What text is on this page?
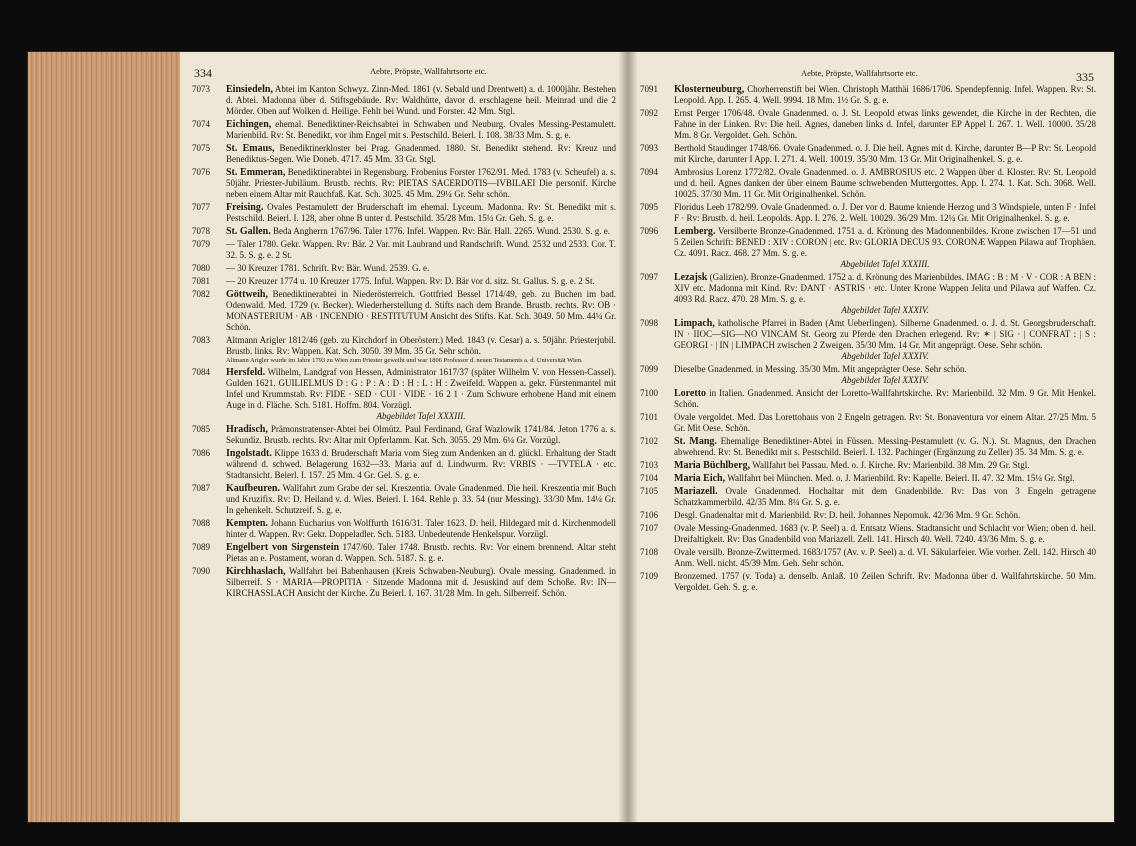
334	Aebte, Pröpste, Wallfahrtsorte etc.
7073	Einsiedeln, Abtei im Kanton Schwyz. Zinn-Med. 1861 (v. Sebald und Drentwett) a. d. 1000jähr. Bestehen d. Abtei. Madonna über d. Stiftsgebäude. Rv: Waldhütte, davor d. erschlagene heil. Meinrad und die 2 Mörder. Oben auf Wolken d. Heilige. Fehlt bei Wund. und Forster. 42 Mm. Stgl.
7074	Eichingen, ehemal. Benediktiner-Reichsabtei in Schwaben und Neuburg. Ovales Messing-Pestamulett. Marienbild. Rv: St. Benedikt, vor ihm Engel mit s. Pestschild. Beierl. I. 108. 38/33 Mm. S. g. e.
7075	St. Emaus, Benediktinerkloster bei Prag. Gnadenmed. 1880. St. Benedikt stehend. Rv: Kreuz und Benediktus-Segen. Wie Doneb. 4717. 45 Mm. 33 Gr. Stgl.
7076	St. Emmeran, Benediktinerabtei in Regensburg. Frobenius Forster 1762/91. Med. 1783 (v. Scheufel) a. s. 50jähr. Priester-Jubiläum. Brustb. rechts. Rv: PIETAS SACERDOTIS—IVBILAEI Die personif. Kirche neben einem Altar mit Rauchfaß. Kat. Sch. 3025. 45 Mm. 29¼ Gr. Sehr schön.
7077	Freising. Ovales Pestamulett der Bruderschaft im ehemal. Lyceum. Madonna. Rv: St. Benedikt mit s. Pestschild. Beierl. I. 128, aber ohne B unter d. Pestschild. 35/28 Mm. 15¼ Gr. Geh. S. g. e.
7078	St. Gallen. Beda Angherrn 1767/96. Taler 1776. Infel. Wappen. Rv: Bär. Hall. 2265. Wund. 2530. S. g. e.
7079	— Taler 1780. Gekr. Wappen. Rv: Bär. 2 Var. mit Laubrand und Randschrift. Wund. 2532 und 2533. Cor. T. 32. 5. S. g. e. 2 St.
7080	— 30 Kreuzer 1781. Schrift. Rv: Bär. Wund. 2539. G. e.
7081	— 20 Kreuzer 1774 u. 10 Kreuzer 1775. Inful. Wappen. Rv: D. Bär vor d. sitz. St. Gallus. S. g. e. 2 St.
7082	Göttweih, Benediktinerabtei in Niederösterreich. Gottfried Bessel 1714/49, geb. zu Buchen im bad. Odenwald. Med. 1729 (v. Becker). Wiederherstellung d. Stifts nach dem Brande. Brustb. rechts. Rv: OB · MONASTERIUM · AB · INCENDIO · RESTITUTUM Ansicht des Stifts. Kat. Sch. 3049. 50 Mm. 44¼ Gr. Schön.
7083	Altmann Arigler 1812/46 (geb. zu Kirchdorf in Oberösterr.) Med. 1843 (v. Cesar) a. s. 50jähr. Priesterjubil. Brustb. links. Rv: Wappen. Kat. Sch. 3050. 39 Mm. 35 Gr. Sehr schön.
Altmann Arigler wurde im Jahre 1793 zu Wien zum Priester geweiht und war 1806 Professor d. neuen Testaments a. d. Universität Wien.
7084	Hersfeld. Wilhelm, Landgraf von Hessen, Administrator 1617/37 (später Wilhelm V. von Hessen-Cassel). Gulden 1621. GUILIELMUS D : G : P : A : D : H : L : H : Zweifeld. Wappen a. gekr. Fürstenmantel mit Infel und Krummstab. Rv: FIDE · SED · CUI · VIDE · 16 2 1 · Zum Schwure erhobene Hand mit einem Auge in d. Fläche. Sch. 5181. Hoffm. 804. Vorzügl.
Abgebildet Tafel XXXIII.
7085	Hradisch, Prämonstratenser-Abtei bei Olmütz. Paul Ferdinand, Graf Wazlowik 1741/84. Jeton 1776 a. s. Sekundiz. Brustb. rechts. Rv: Altar mit Opferlamm. Kat. Sch. 3055. 29 Mm. 6¼ Gr. Vorzügl.
7086	Ingolstadt. Klippe 1633 d. Bruderschaft Maria vom Sieg zum Andenken an d. glückl. Erhaltung der Stadt während d. schwed. Belagerung 1632—33. Maria auf d. Lindwurm. Rv: VRBIS · —TVTELA · etc. Stadtansicht. Beierl. I. 157. 25 Mm. 4 Gr. Gel. S. g. e.
7087	Kaufbeuren. Wallfahrt zum Grabe der sel. Kreszentia. Ovale Gnadenmed. Die heil. Kreszentia mit Buch und Kruzifix. Rv: D. Heiland v. d. Wies. Beierl. I. 164. Rehle p. 33. 54 (nur Messing). 33/30 Mm. 14¼ Gr. In gehenkelt. Schutzreif. S. g. e.
7088	Kempten. Johann Eucharius von Wolffurth 1616/31. Taler 1623. D. heil. Hildegard mit d. Kirchenmodell hinter d. Wappen. Rv: Gekr. Doppeladler. Sch. 5183. Unbedeutende Henkelspur. Vorzügl.
7089	Engelbert von Sirgenstein 1747/60. Taler 1748. Brustb. rechts. Rv: Vor einem brennend. Altar steht Pietas an e. Postament, woran d. Wappen. Sch. 5187. S. g. e.
7090	Kirchhaslach, Wallfahrt bei Babenhausen (Kreis Schwaben-Neuburg). Ovale messing. Gnadenmed. in Silberreif. S · MARIA—PROPITIA · Sitzende Madonna mit d. Jesuskind auf dem Schoße. Rv: IN—KIRCHASSLACH Ansicht der Kirche. Zu Beierl. I. 167. 31/28 Mm. In geh. Silberreif. Schön.
Aebte, Pröpste, Wallfahrtsorte etc.	335
7091	Klosterneuburg, Chorherrenstift bei Wien. Christoph Matthäi 1686/1706. Spendepfennig. Infel. Wappen. Rv: St. Leopold. App. I. 265. 4. Well. 9994. 18 Mm. 1½ Gr. S. g. e.
7092	Ernst Perger 1706/48. Ovale Gnadenmed. o. J. St. Leopold etwas links gewendet, die Kirche in der Rechten, die Fahne in der Linken. Rv: Die heil. Agnes, daneben links d. Infel, darunter EP Appel I. 267. 1. Well. 10000. 35/28 Mm. 8 Gr. Vergoldet. Geh. Schön.
7093	Berthold Staudinger 1748/66. Ovale Gnadenmed. o. J. Die heil. Agnes mit d. Kirche, darunter B—P Rv: St. Leopold mit Kirche, darunter I App. I. 271. 4. Well. 10019. 35/30 Mm. 13 Gr. Mit Originalhenkel. S. g. e.
7094	Ambrosius Lorenz 1772/82. Ovale Gnadenmed. o. J. AMBROSIUS etc. 2 Wappen über d. Kloster. Rv: St. Leopold und d. heil. Agnes danken der über einem Baume schwebenden Muttergottes. App. I. 274. 1. Kat. Sch. 3068. Well. 10025. 37/30 Mm. 11 Gr. Mit Originalhenkel. Schön.
7095	Floridus Leeb 1782/99. Ovale Gnadenmed. o. J. Der vor d. Baume kniende Herzog und 3 Windspiele, unten F · Infel F · Rv: Brustb. d. heil. Leopolds. App. I. 276. 2. Well. 10029. 36/29 Mm. 12¼ Gr. Mit Originalhenkel. S. g. e.
7096	Lemberg. Versilberte Bronze-Gnadenmed. 1751 a. d. Krönung des Madonnenbildes. Krone zwischen 17—51 und 5 Zeilen Schrift: BENED : XIV : CORON | etc. Rv: GLORIA DECUS 93. CORONÆ Wappen Pilawa auf Trophäen. Cz. 4091. Racz. 468. 27 Mm. S. g. e.
Abgebildet Tafel XXXIII.
7097	Lezajsk (Galizien). Bronze-Gnadenmed. 1752 a. d. Krönung des Marienbildes. IMAG : B : M · V · COR : A BEN : XIV etc. Madonna mit Kind. Rv: DANT · ASTRIS · etc. Unter Krone Wappen Jelita und Pilawa auf Waffen. Cz. 4093 Rd. Racz. 470. 28 Mm. S. g. e.
Abgebildet Tafel XXXIV.
7098	Limpach, katholische Pfarrei in Baden (Amt Ueberlingen). Silberne Gnadenmed. o. J. d. St. Georgsbruderschaft. IN · IIOC—SIG—NO VINCAM St. Georg zu Pferde den Drachen erlegend. Rv: ✶ | SIG · | CONFRAT : | S : GEORGI · | IN | LIMPACH zwischen 2 Zweigen. 35/30 Mm. 14 Gr. Mit angeprägt. Oese. Sehr schön.
Abgebildet Tafel XXXIV.
7099	Dieselbe Gnadenmed. in Messing. 35/30 Mm. Mit angeprägter Oese. Sehr schön.
Abgebildet Tafel XXXIV.
7100	Loretto in Italien. Gnadenmed. Ansicht der Loretto-Wallfahrtskirche. Rv: Marienbild. 32 Mm. 9 Gr. Mit Henkel. Schön.
7101	Ovale vergoldet. Med. Das Lorettohaus von 2 Engeln getragen. Rv: St. Bonaventura vor einem Altar. 27/25 Mm. 5 Gr. Mit Oese. Schön.
7102	St. Mang. Ehemalige Benediktiner-Abtei in Füssen. Messing-Pestamulett (v. G. N.). St. Magnus, den Drachen abwehrend. Rv: St. Benedikt mit s. Pestschild. Beierl. I. 132. Pachinger (Ergänzung zu Zeller) 35. 34 Mm. S. g. e.
7103	Maria Büchlberg, Wallfahrt bei Passau. Med. o. J. Kirche. Rv: Marienbild. 38 Mm. 29 Gr. Stgl.
7104	Maria Eich, Wallfahrt bei München. Med. o. J. Marienbild. Rv: Kapelle. Beierl. II. 47. 32 Mm. 15¼ Gr. Stgl.
7105	Mariazell. Ovale Gnadenmed. Hochaltar mit dem Gnadenbilde. Rv: Das von 3 Engeln getragene Schatzkammerbild. 42/35 Mm. 8¼ Gr. S. g. e.
7106	Desgl. Gnadenaltar mit d. Marienbild. Rv: D. heil. Johannes Nepomuk. 42/36 Mm. 9 Gr. Schön.
7107	Ovale Messing-Gnadenmed. 1683 (v. P. Seel) a. d. Entsatz Wiens. Stadtansicht und Schlacht vor Wien; oben d. heil. Dreifaltigkeit. Rv: Das Gnadenbild von Mariazell. Zell. 141. Hirsch 40. Well. 7240. 43/36 Mm. S. g. e.
7108	Ovale versilb. Bronze-Zwittermed. 1683/1757 (Av. v. P. Seel) a. d. VI. Säkularfeier. Wie vorher. Zell. 142. Hirsch 40 Anm. Well. nicht. 45/39 Mm. Geh. Sehr schön.
7109	Bronzemed. 1757 (v. Toda) a. denselb. Anlaß. 10 Zeilen Schrift. Rv: Madonna über d. Wallfahrtskirche. 50 Mm. Vergoldet. Geh. S. g. e.
